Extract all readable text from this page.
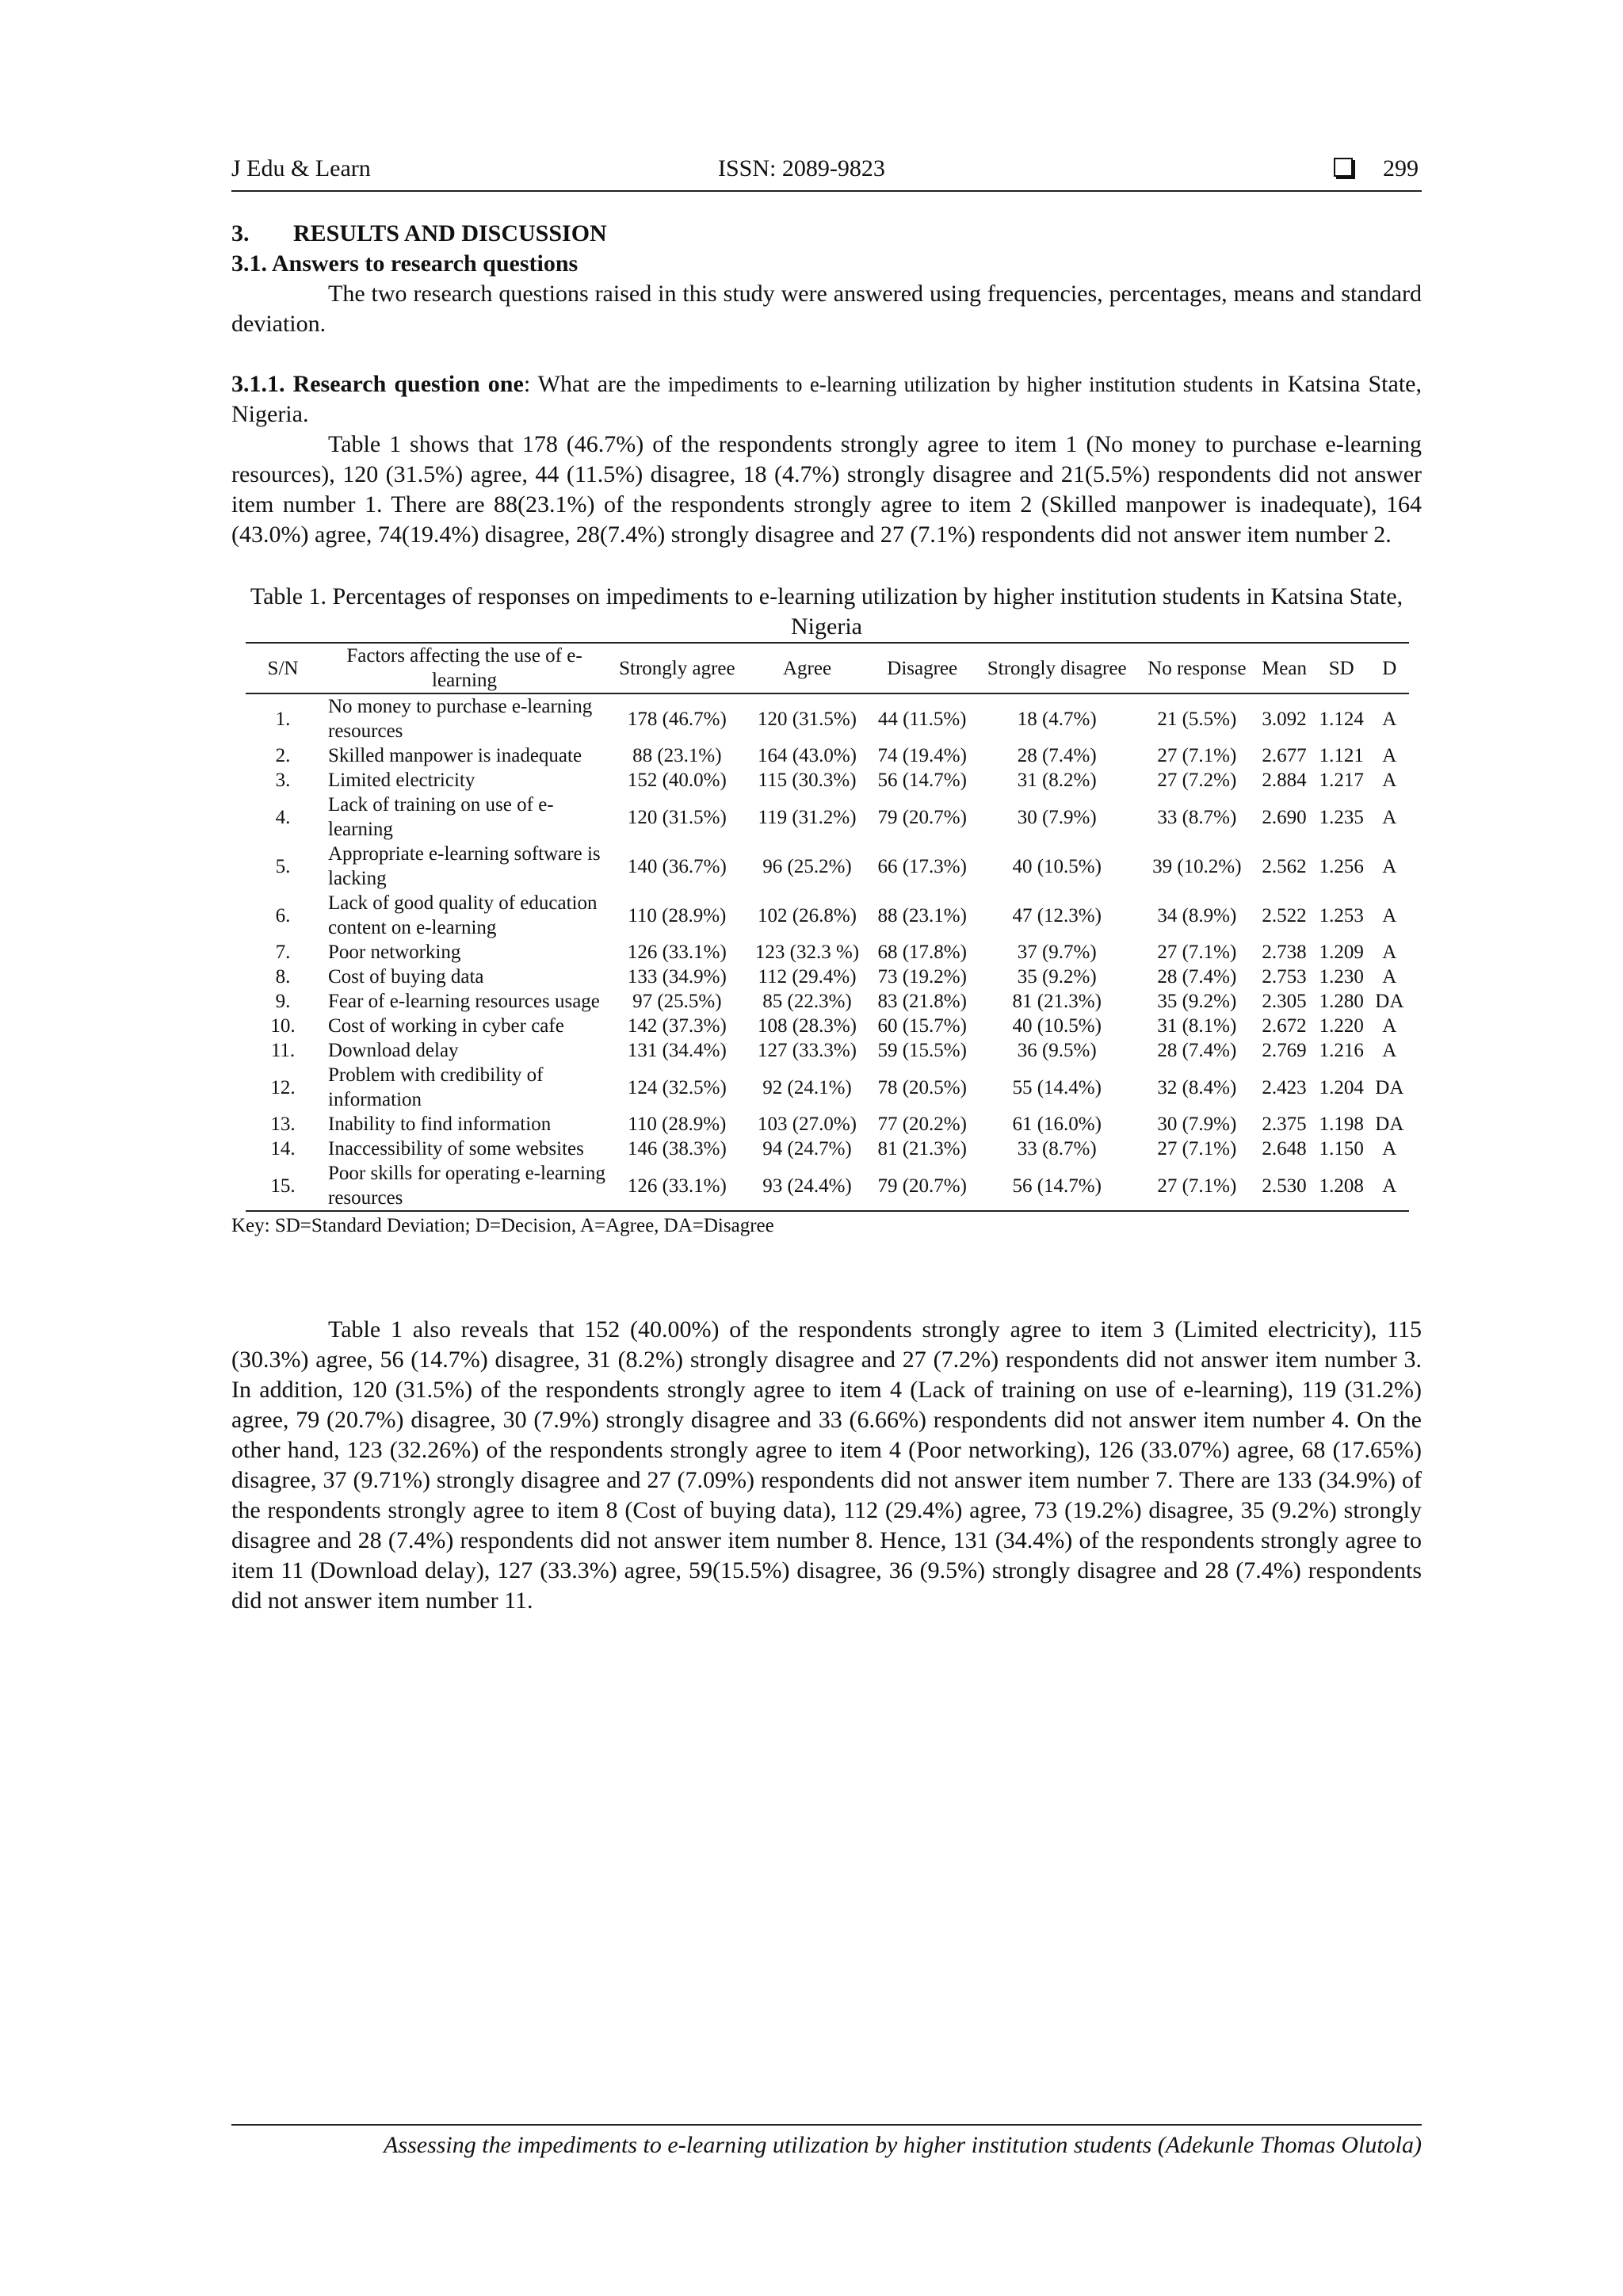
J Edu & Learn	ISSN: 2089-9823	299
3. RESULTS AND DISCUSSION
3.1. Answers to research questions

The two research questions raised in this study were answered using frequencies, percentages, means and standard deviation.

3.1.1. Research question one: What are the impediments to e-learning utilization by higher institution students in Katsina State, Nigeria.

Table 1 shows that 178 (46.7%) of the respondents strongly agree to item 1 (No money to purchase e-learning resources), 120 (31.5%) agree, 44 (11.5%) disagree, 18 (4.7%) strongly disagree and 21(5.5%) respondents did not answer item number 1. There are 88(23.1%) of the respondents strongly agree to item 2 (Skilled manpower is inadequate), 164 (43.0%) agree, 74(19.4%) disagree, 28(7.4%) strongly disagree and 27 (7.1%) respondents did not answer item number 2.

Table 1. Percentages of responses on impediments to e-learning utilization by higher institution students in Katsina State, Nigeria
S/N	Factors affecting the use of e-learning	Strongly agree	Agree	Disagree	Strongly disagree	No response	Mean	SD	D
1.	No money to purchase e-learning resources	178 (46.7%)	120 (31.5%)	44 (11.5%)	18 (4.7%)	21 (5.5%)	3.092	1.124	A
2.	Skilled manpower is inadequate	88 (23.1%)	164 (43.0%)	74 (19.4%)	28 (7.4%)	27 (7.1%)	2.677	1.121	A
3.	Limited electricity	152 (40.0%)	115 (30.3%)	56 (14.7%)	31 (8.2%)	27 (7.2%)	2.884	1.217	A
4.	Lack of training on use of e-learning	120 (31.5%)	119 (31.2%)	79 (20.7%)	30 (7.9%)	33 (8.7%)	2.690	1.235	A
5.	Appropriate e-learning software is lacking	140 (36.7%)	96 (25.2%)	66 (17.3%)	40 (10.5%)	39 (10.2%)	2.562	1.256	A
6.	Lack of good quality of education content on e-learning	110 (28.9%)	102 (26.8%)	88 (23.1%)	47 (12.3%)	34 (8.9%)	2.522	1.253	A
7.	Poor networking	126 (33.1%)	123 (32.3 %)	68 (17.8%)	37 (9.7%)	27 (7.1%)	2.738	1.209	A
8.	Cost of buying data	133 (34.9%)	112 (29.4%)	73 (19.2%)	35 (9.2%)	28 (7.4%)	2.753	1.230	A
9.	Fear of e-learning resources usage	97 (25.5%)	85 (22.3%)	83 (21.8%)	81 (21.3%)	35 (9.2%)	2.305	1.280	DA
10.	Cost of working in cyber cafe	142 (37.3%)	108 (28.3%)	60 (15.7%)	40 (10.5%)	31 (8.1%)	2.672	1.220	A
11.	Download delay	131 (34.4%)	127 (33.3%)	59 (15.5%)	36 (9.5%)	28 (7.4%)	2.769	1.216	A
12.	Problem with credibility of information	124 (32.5%)	92 (24.1%)	78 (20.5%)	55 (14.4%)	32 (8.4%)	2.423	1.204	DA
13.	Inability to find information	110 (28.9%)	103 (27.0%)	77 (20.2%)	61 (16.0%)	30 (7.9%)	2.375	1.198	DA
14.	Inaccessibility of some websites	146 (38.3%)	94 (24.7%)	81 (21.3%)	33 (8.7%)	27 (7.1%)	2.648	1.150	A
15.	Poor skills for operating e-learning resources	126 (33.1%)	93 (24.4%)	79 (20.7%)	56 (14.7%)	27 (7.1%)	2.530	1.208	A
Key: SD=Standard Deviation; D=Decision, A=Agree, DA=Disagree

Table 1 also reveals that 152 (40.00%) of the respondents strongly agree to item 3 (Limited electricity), 115 (30.3%) agree, 56 (14.7%) disagree, 31 (8.2%) strongly disagree and 27 (7.2%) respondents did not answer item number 3. In addition, 120 (31.5%) of the respondents strongly agree to item 4 (Lack of training on use of e-learning), 119 (31.2%) agree, 79 (20.7%) disagree, 30 (7.9%) strongly disagree and 33 (6.66%) respondents did not answer item number 4. On the other hand, 123 (32.26%) of the respondents strongly agree to item 4 (Poor networking), 126 (33.07%) agree, 68 (17.65%) disagree, 37 (9.71%) strongly disagree and 27 (7.09%) respondents did not answer item number 7. There are 133 (34.9%) of the respondents strongly agree to item 8 (Cost of buying data), 112 (29.4%) agree, 73 (19.2%) disagree, 35 (9.2%) strongly disagree and 28 (7.4%) respondents did not answer item number 8. Hence, 131 (34.4%) of the respondents strongly agree to item 11 (Download delay), 127 (33.3%) agree, 59(15.5%) disagree, 36 (9.5%) strongly disagree and 28 (7.4%) respondents did not answer item number 11.

Assessing the impediments to e-learning utilization by higher institution students (Adekunle Thomas Olutola)
